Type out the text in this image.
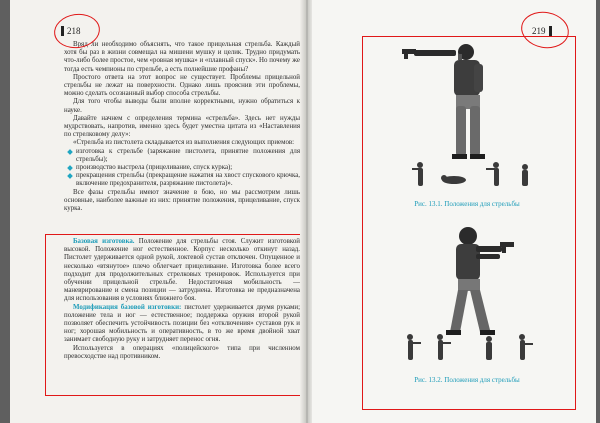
218

Вряд ли необходимо объяснять, что такое прицельная стрельба. Каждый хотя бы раз в жизни совмещал на мишени мушку и целик. Трудно придумать что-либо более простое, чем «ровная мушка» и «плавный спуск». Но почему же тогда есть чемпионы по стрельбе, а есть полнейшие профаны?

Простого ответа на этот вопрос не существует. Проблемы прицельной стрельбы не лежат на поверхности. Однако лишь прояснив эти проблемы, можно сделать осознанный выбор способа стрельбы.

Для того чтобы выводы были вполне корректными, нужно обратиться к науке.

Давайте начнем с определения термина «стрельба». Здесь нет нужды мудрствовать, напротив, именно здесь будет уместна цитата из «Наставления по стрелковому делу»:

«Стрельба из пистолета складывается из выполнения следующих приемов:

изготовка к стрельбе (заряжание пистолета, принятие положения для стрельбы);
производство выстрела (прицеливание, спуск курка);
прекращения стрельбы (прекращение нажатия на хвост спускового крючка, включение предохранителя, разряжание пистолета)».

Все фазы стрельбы имеют значение в бою, но мы рассмотрим лишь основные, наиболее важные из них: принятие положения, прицеливание, спуск курка.

Базовая изготовка. Положение для стрельбы стоя. Служит изготовкой высокой. Положение ног естественное. Корпус несколько откинут назад. Пистолет удерживается одной рукой, локтевой сустав отключен. Опущенное и несколько «втянутое» плечо облегчает прицеливание. Изготовка более всего подходит для продолжительных стрелковых тренировок. Используется при обучении прицельной стрельбе. Недостаточная мобильность — маневрирование и смена позиции — затруднена. Изготовка не предназначена для использования в условиях ближнего боя.

Модификация базовой изготовки: пистолет удерживается двумя руками; положение тела и ног — естественное; поддержка оружия второй рукой позволяет обеспечить устойчивость позиции без «отключения» суставов рук и ног; хорошая мобильность и оперативность, в то же время двойной хват занимает свободную руку и затрудняет перенос огня.

Используется в операциях «полицейского» типа при численном превосходстве над противником.

219
Рис. 13.1. Положения для стрельбы
Рис. 13.2. Положения для стрельбы
